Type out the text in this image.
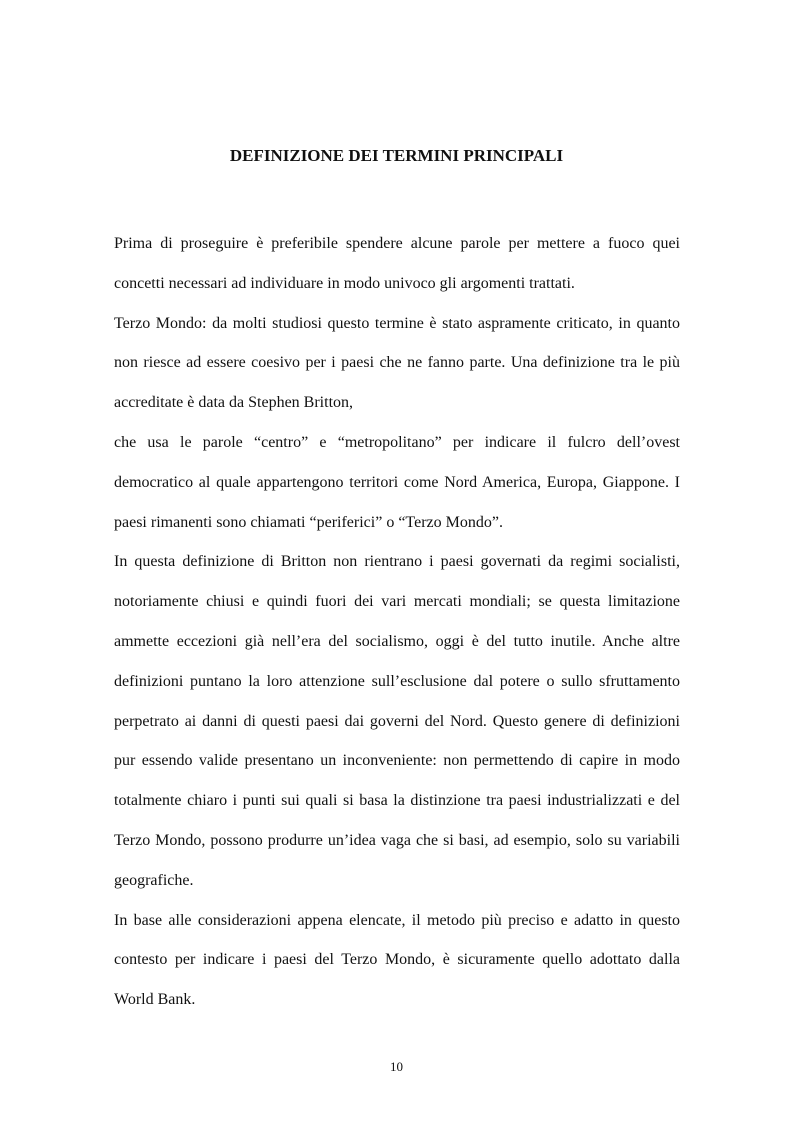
DEFINIZIONE DEI TERMINI PRINCIPALI

Prima di proseguire è preferibile spendere alcune parole per mettere a fuoco quei concetti necessari ad individuare in modo univoco gli argomenti trattati.

Terzo Mondo: da molti studiosi questo termine è stato aspramente criticato, in quanto non riesce ad essere coesivo per i paesi che ne fanno parte. Una definizione tra le più accreditate è data da Stephen Britton,

che usa le parole “centro” e “metropolitano” per indicare il fulcro dell’ovest democratico al quale appartengono territori come Nord America, Europa, Giappone. I paesi rimanenti sono chiamati “periferici” o “Terzo Mondo”.

In questa definizione di Britton non rientrano i paesi governati da regimi socialisti, notoriamente chiusi e quindi fuori dei vari mercati mondiali; se questa limitazione ammette eccezioni già nell’era del socialismo, oggi è del tutto inutile. Anche altre definizioni puntano la loro attenzione sull’esclusione dal potere o sullo sfruttamento perpetrato ai danni di questi paesi dai governi del Nord. Questo genere di definizioni pur essendo valide presentano un inconveniente: non permettendo di capire in modo totalmente chiaro i punti sui quali si basa la distinzione tra paesi industrializzati e del Terzo Mondo, possono produrre un’idea vaga che si basi, ad esempio, solo su variabili geografiche.

In base alle considerazioni appena elencate, il metodo più preciso e adatto in questo contesto per indicare i paesi del Terzo Mondo, è sicuramente quello adottato dalla World Bank.

10
